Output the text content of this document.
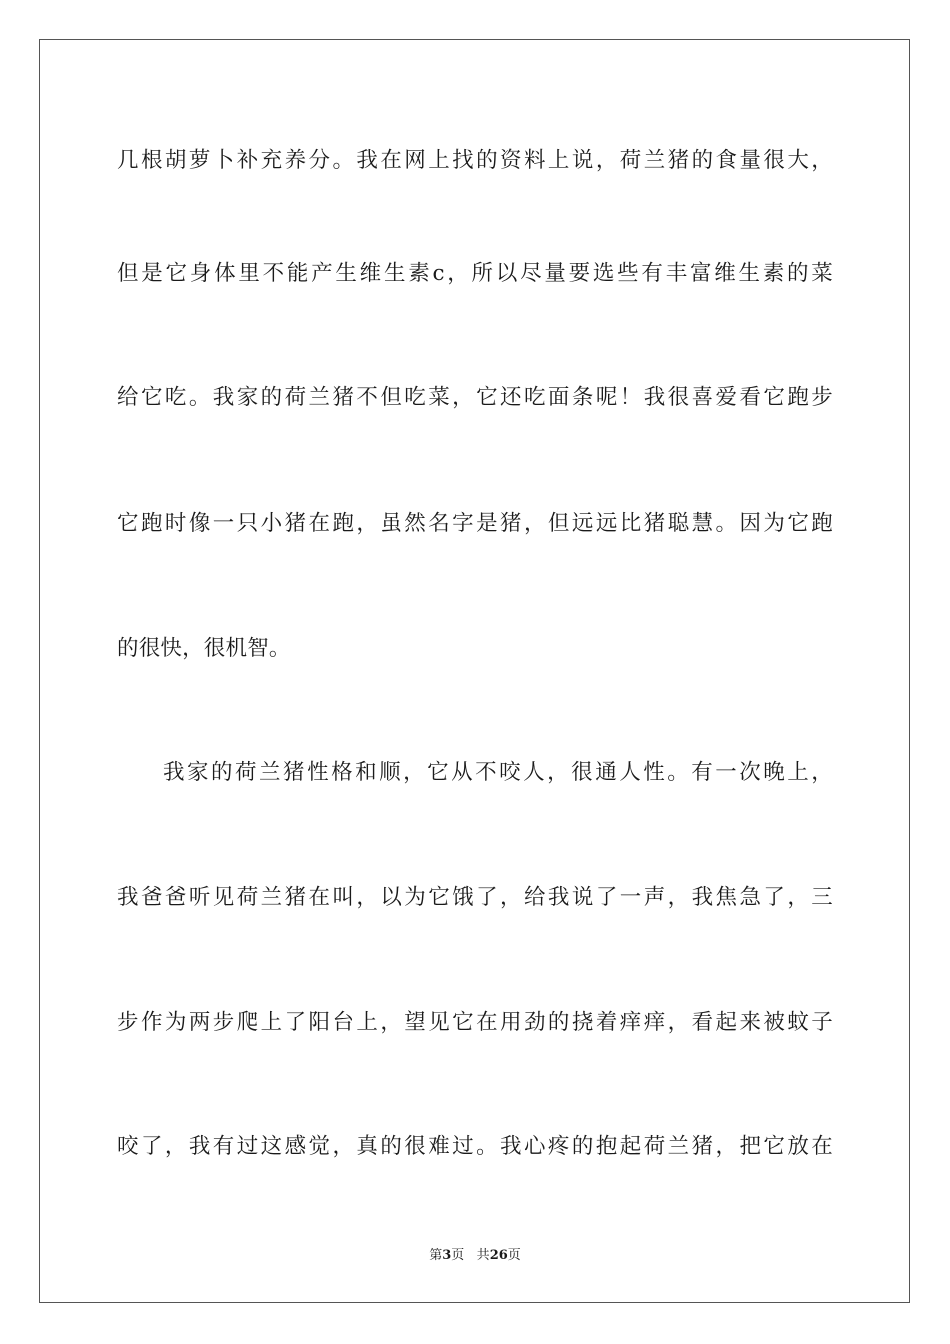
几根胡萝卜补充养分。我在网上找的资料上说，荷兰猪的食量很大，
但是它身体里不能产生维生素c，所以尽量要选些有丰富维生素的菜
给它吃。我家的荷兰猪不但吃菜，它还吃面条呢！我很喜爱看它跑步
它跑时像一只小猪在跑，虽然名字是猪，但远远比猪聪慧。因为它跑
的很快，很机智。
我家的荷兰猪性格和顺，它从不咬人，很通人性。有一次晚上，
我爸爸听见荷兰猪在叫，以为它饿了，给我说了一声，我焦急了，三
步作为两步爬上了阳台上，望见它在用劲的挠着痒痒，看起来被蚊子
咬了，我有过这感觉，真的很难过。我心疼的抱起荷兰猪，把它放在
第3页 共26页
